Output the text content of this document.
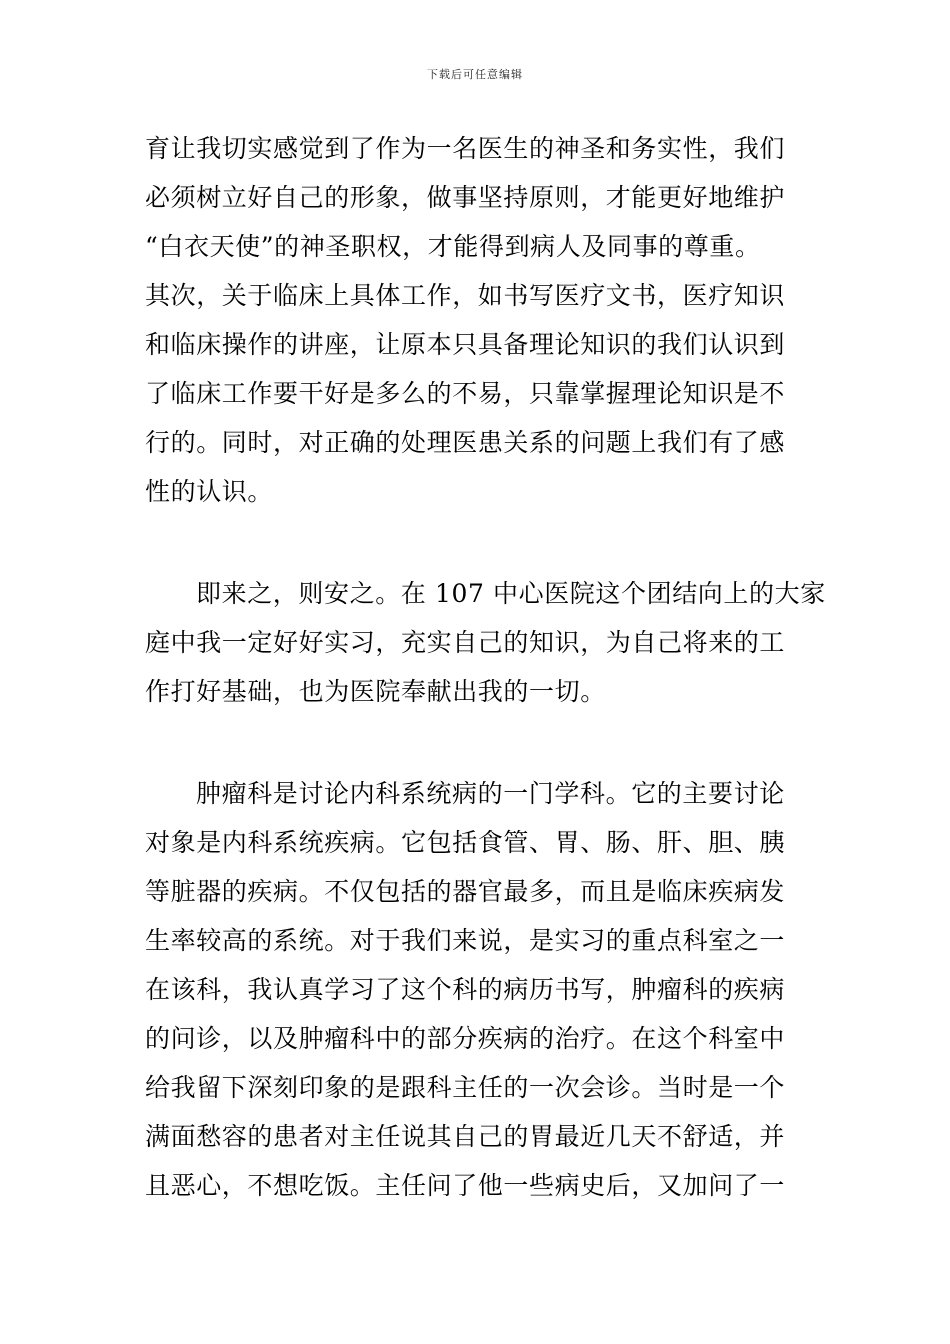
下载后可任意编辑
育让我切实感觉到了作为一名医生的神圣和务实性，我们
必须树立好自己的形象，做事坚持原则，才能更好地维护
“白衣天使”的神圣职权，才能得到病人及同事的尊重。
其次，关于临床上具体工作，如书写医疗文书，医疗知识
和临床操作的讲座，让原本只具备理论知识的我们认识到
了临床工作要干好是多么的不易，只靠掌握理论知识是不
行的。同时，对正确的处理医患关系的问题上我们有了感
性的认识。
即来之，则安之。在 107 中心医院这个团结向上的大家
庭中我一定好好实习，充实自己的知识，为自己将来的工
作打好基础，也为医院奉献出我的一切。
肿瘤科是讨论内科系统病的一门学科。它的主要讨论
对象是内科系统疾病。它包括食管、胃、肠、肝、胆、胰
等脏器的疾病。不仅包括的器官最多，而且是临床疾病发
生率较高的系统。对于我们来说，是实习的重点科室之一
在该科，我认真学习了这个科的病历书写，肿瘤科的疾病
的问诊，以及肿瘤科中的部分疾病的治疗。在这个科室中
给我留下深刻印象的是跟科主任的一次会诊。当时是一个
满面愁容的患者对主任说其自己的胃最近几天不舒适，并
且恶心，不想吃饭。主任问了他一些病史后，又加问了一
